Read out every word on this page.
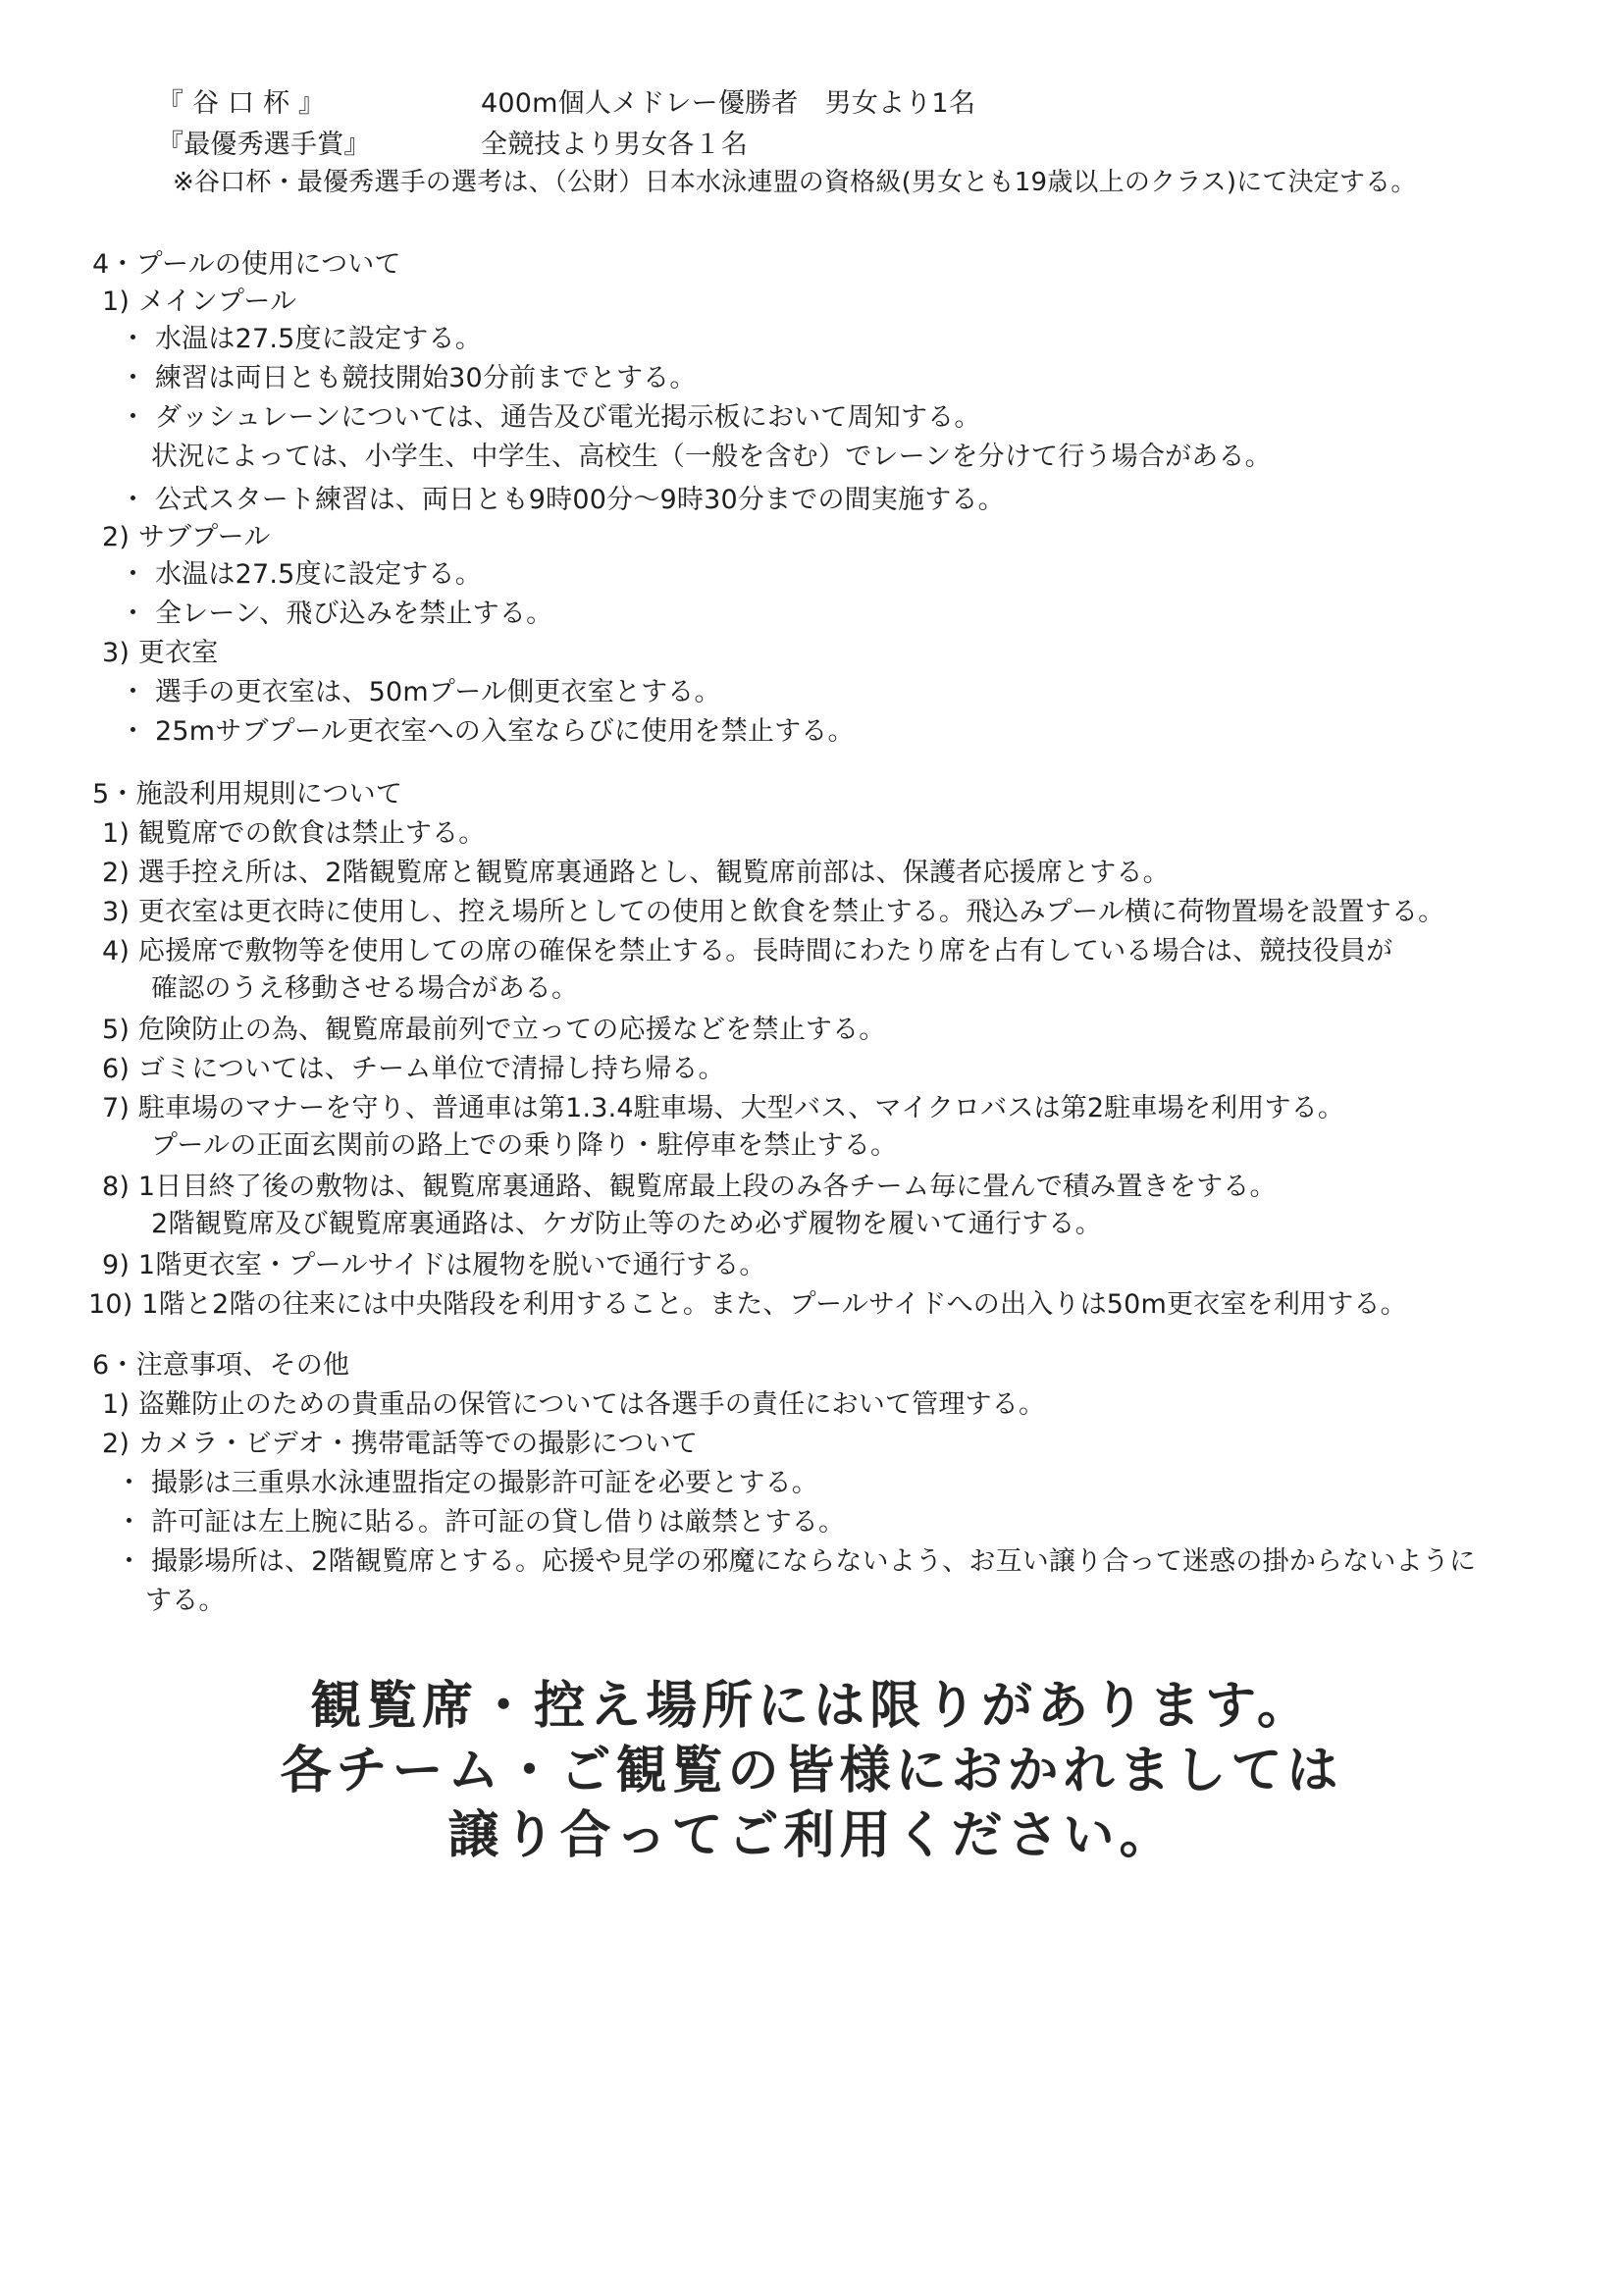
『 谷 口 杯 』	400m個人メドレー優勝者　男女より1名
『最優秀選手賞』	全競技より男女各１名
※谷口杯・最優秀選手の選考は、（公財）日本水泳連盟の資格級(男女とも19歳以上のクラス)にて決定する。
4・プールの使用について
1) メインプール
・ 水温は27.5度に設定する。
・ 練習は両日とも競技開始30分前までとする。
・ ダッシュレーンについては、通告及び電光掲示板において周知する。
状況によっては、小学生、中学生、高校生（一般を含む）でレーンを分けて行う場合がある。
・ 公式スタート練習は、両日とも9時00分～9時30分までの間実施する。
2) サブプール
・ 水温は27.5度に設定する。
・ 全レーン、飛び込みを禁止する。
3) 更衣室
・ 選手の更衣室は、50mプール側更衣室とする。
・ 25mサブプール更衣室への入室ならびに使用を禁止する。
5・施設利用規則について
1) 観覧席での飲食は禁止する。
2) 選手控え所は、2階観覧席と観覧席裏通路とし、観覧席前部は、保護者応援席とする。
3) 更衣室は更衣時に使用し、控え場所としての使用と飲食を禁止する。飛込みプール横に荷物置場を設置する。
4) 応援席で敷物等を使用しての席の確保を禁止する。長時間にわたり席を占有している場合は、競技役員が
確認のうえ移動させる場合がある。
5) 危険防止の為、観覧席最前列で立っての応援などを禁止する。
6) ゴミについては、チーム単位で清掃し持ち帰る。
7) 駐車場のマナーを守り、普通車は第1.3.4駐車場、大型バス、マイクロバスは第2駐車場を利用する。
プールの正面玄関前の路上での乗り降り・駐停車を禁止する。
8) 1日目終了後の敷物は、観覧席裏通路、観覧席最上段のみ各チーム毎に畳んで積み置きをする。
2階観覧席及び観覧席裏通路は、ケガ防止等のため必ず履物を履いて通行する。
9) 1階更衣室・プールサイドは履物を脱いで通行する。
10) 1階と2階の往来には中央階段を利用すること。また、プールサイドへの出入りは50m更衣室を利用する。
6・注意事項、その他
1) 盗難防止のための貴重品の保管については各選手の責任において管理する。
2) カメラ・ビデオ・携帯電話等での撮影について
・ 撮影は三重県水泳連盟指定の撮影許可証を必要とする。
・ 許可証は左上腕に貼る。許可証の貸し借りは厳禁とする。
・ 撮影場所は、2階観覧席とする。応援や見学の邪魔にならないよう、お互い譲り合って迷惑の掛からないように
する。
観覧席・控え場所には限りがあります。
各チーム・ご観覧の皆様におかれましては
譲り合ってご利用ください。
